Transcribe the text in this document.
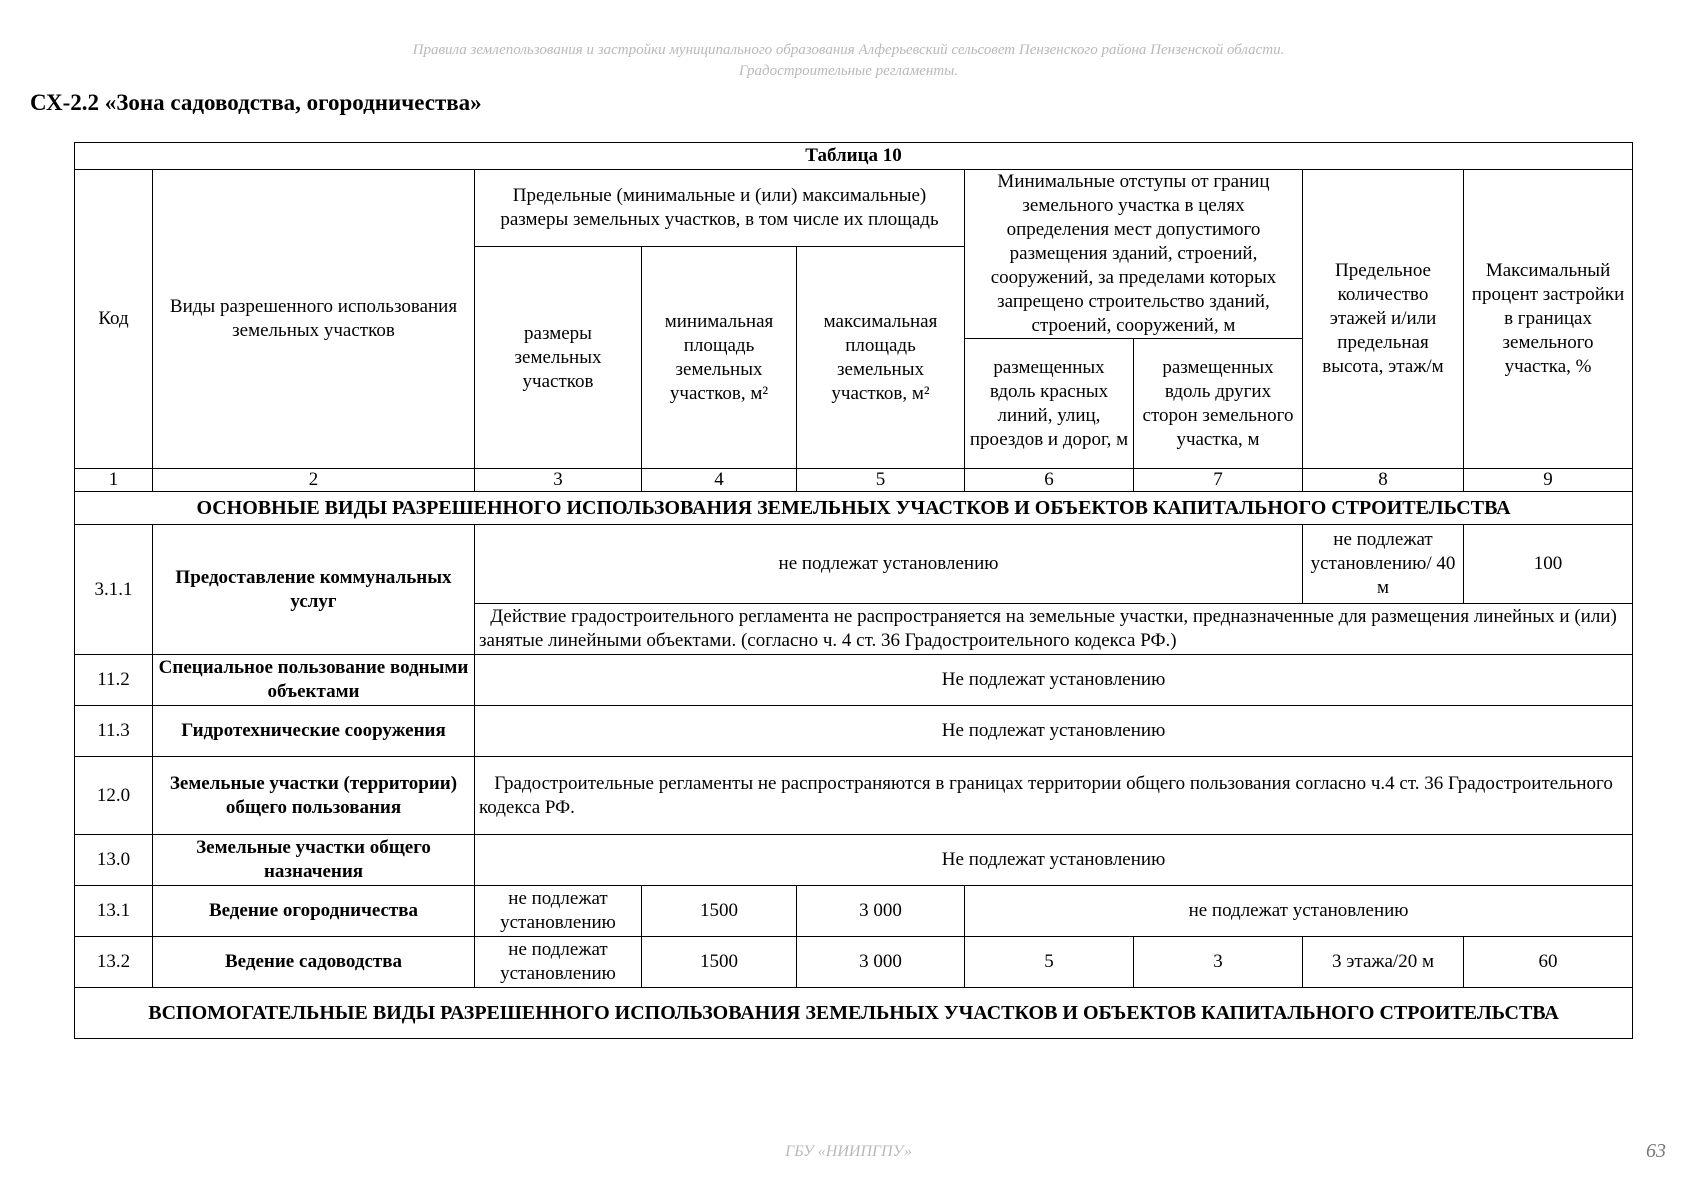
Правила землепользования и застройки муниципального образования Алферьевский сельсовет Пензенского района Пензенской области.
Градостроительные регламенты.
СХ-2.2 «Зона садоводства, огородничества»
Таблица 10								
Код	Виды разрешенного использования земельных участков	Предельные (минимальные и (или) максимальные) размеры земельных участков, в том числе их площадь			Минимальные отступы от границ земельного участка в целях определения мест допустимого размещения зданий, строений, сооружений, за пределами которых запрещено строительство зданий, строений, сооружений, м		Предельное количество этажей и/или предельная высота, этаж/м	Максимальный процент застройки в границах земельного участка, %
		размеры земельных участков	минимальная площадь земельных участков, м²	максимальная площадь земельных участков, м²				
					размещенных вдоль красных линий, улиц, проездов и дорог, м	размещенных вдоль других сторон земельного участка, м		
1	2	3	4	5	6	7	8	9
ОСНОВНЫЕ ВИДЫ РАЗРЕШЕННОГО ИСПОЛЬЗОВАНИЯ ЗЕМЕЛЬНЫХ УЧАСТКОВ И ОБЪЕКТОВ КАПИТАЛЬНОГО СТРОИТЕЛЬСТВА								
3.1.1	Предоставление коммунальных услуг	не подлежат установлению					не подлежат установлению/ 40 м	100
		Действие градостроительного регламента не распространяется на земельные участки, предназначенные для размещения линейных и (или) занятые линейными объектами. (согласно ч. 4 ст. 36 Градостроительного кодекса РФ.)						
11.2	Специальное пользование водными объектами	Не подлежат установлению						
11.3	Гидротехнические сооружения	Не подлежат установлению						
12.0	Земельные участки (территории) общего пользования	Градостроительные регламенты не распространяются в границах территории общего пользования согласно ч.4 ст. 36 Градостроительного кодекса РФ.						
13.0	Земельные участки общего назначения	Не подлежат установлению						
13.1	Ведение огородничества	не подлежат установлению	1500	3 000	не подлежат установлению			
13.2	Ведение садоводства	не подлежат установлению	1500	3 000	5	3	3 этажа/20 м	60
ВСПОМОГАТЕЛЬНЫЕ ВИДЫ РАЗРЕШЕННОГО ИСПОЛЬЗОВАНИЯ ЗЕМЕЛЬНЫХ УЧАСТКОВ И ОБЪЕКТОВ КАПИТАЛЬНОГО СТРОИТЕЛЬСТВА								
ГБУ «НИИПГПУ»	63
